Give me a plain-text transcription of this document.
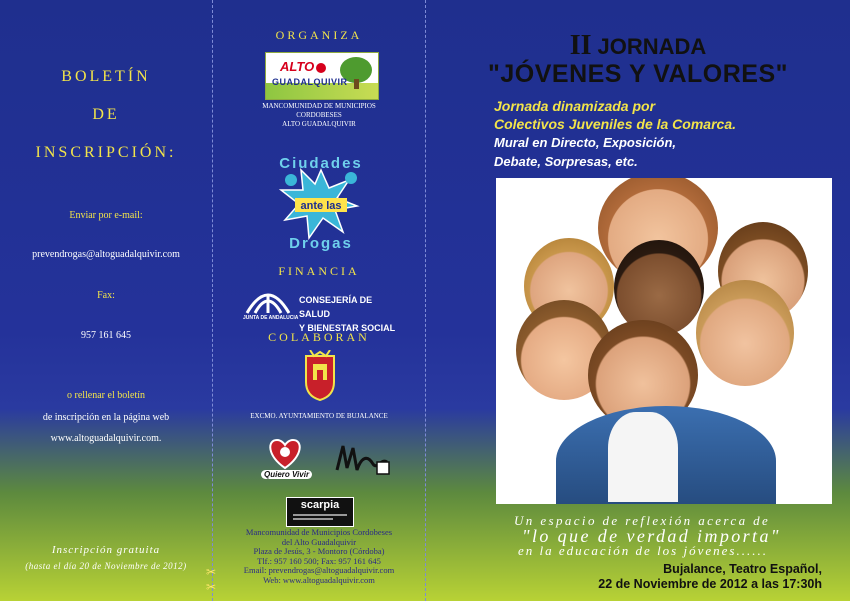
✂
✂
BOLETÍN
DE
INSCRIPCIÓN:
Enviar por e-mail:
prevendrogas@altoguadalquivir.com
Fax:
957 161 645
o rellenar el boletín
de inscripción en la página web
www.altoguadalquivir.com.
Inscripción gratuita
(hasta el día 20 de Noviembre de 2012)
ORGANIZA
ALTO
GUADALQUIVIR
MANCOMUNIDAD DE MUNICIPIOS
CORDOBESES
ALTO GUADALQUIVIR
Ciudades
ante las
Drogas
FINANCIA
JUNTA DE ANDALUCIA
CONSEJERÍA DE SALUD
Y BIENESTAR SOCIAL
COLABORAN
EXCMO. AYUNTAMIENTO DE BUJALANCE
Quiero Vivir
scarpia
Mancomunidad de Municipios Cordobeses
del Alto Guadalquivir
Plaza de Jesús, 3 - Montoro (Córdoba)
Tlf.: 957 160 500; Fax: 957 161 645
Email: prevendrogas@altoguadalquivir.com
Web: www.altoguadalquivir.com
II JORNADA
"JÓVENES Y VALORES"
Jornada dinamizada por
Colectivos Juveniles de la Comarca.
Mural en Directo, Exposición,
Debate, Sorpresas, etc.
Un espacio de reflexión acerca de
"lo que de verdad importa"
en la educación de los jóvenes......
Bujalance, Teatro Español,
22 de Noviembre de 2012 a las 17:30h
